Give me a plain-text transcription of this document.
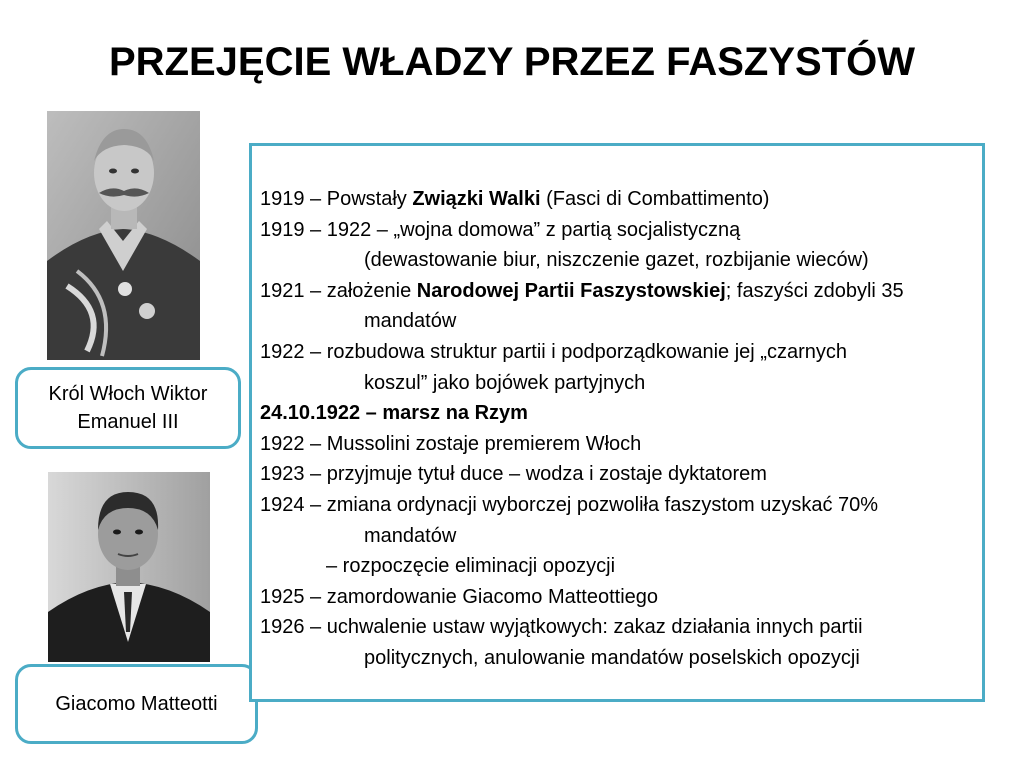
PRZEJĘCIE WŁADZY PRZEZ FASZYSTÓW
Król Włoch Wiktor Emanuel III
Giacomo Matteotti
1919 – Powstały Związki Walki (Fasci di Combattimento)
1919 – 1922 – „wojna domowa” z partią socjalistyczną
(dewastowanie biur, niszczenie gazet, rozbijanie wieców)
1921 – założenie Narodowej Partii Faszystowskiej; faszyści zdobyli 35
mandatów
1922 – rozbudowa struktur partii i podporządkowanie jej „czarnych
koszul” jako bojówek partyjnych
24.10.1922 – marsz na Rzym
1922 – Mussolini zostaje premierem Włoch
1923 – przyjmuje tytuł duce – wodza i zostaje dyktatorem
1924 – zmiana ordynacji wyborczej pozwoliła faszystom uzyskać 70%
mandatów
– rozpoczęcie eliminacji opozycji
1925 – zamordowanie Giacomo Matteottiego
1926 – uchwalenie ustaw wyjątkowych: zakaz działania innych partii
politycznych, anulowanie mandatów poselskich opozycji
